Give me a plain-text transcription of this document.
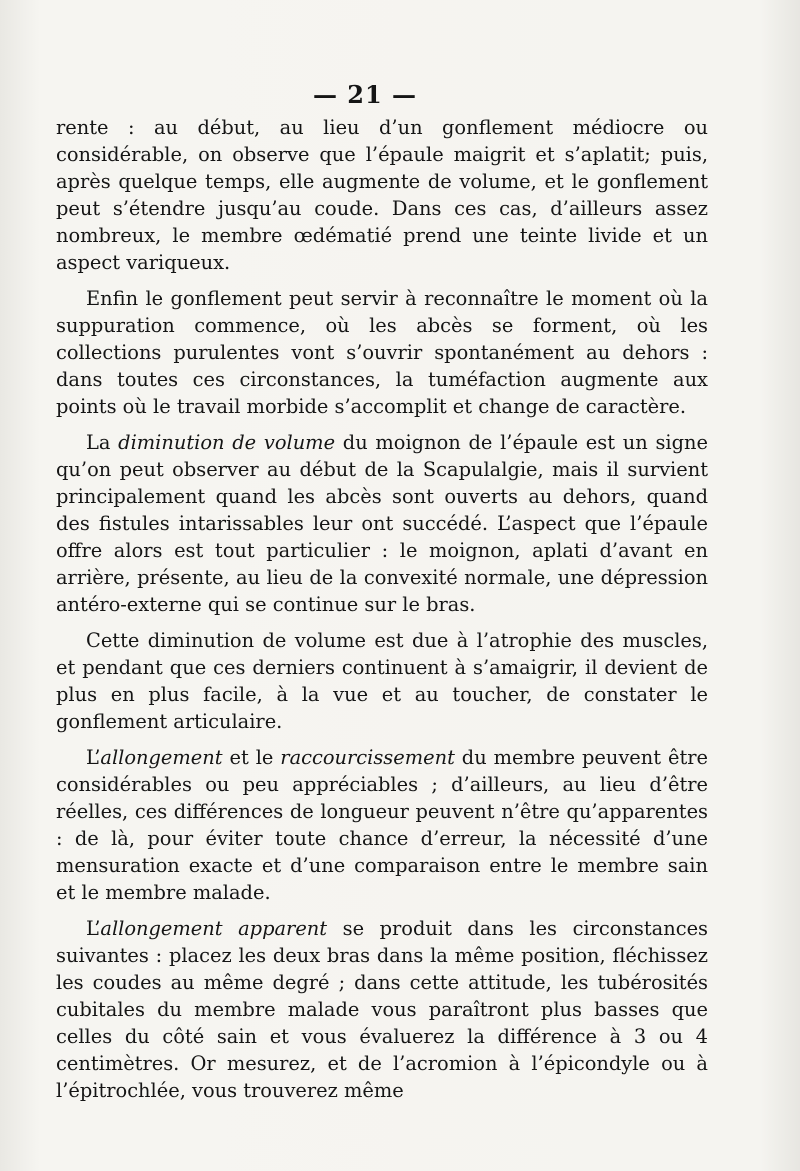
— 21 —

rente : au début, au lieu d’un gonflement médiocre ou considérable, on observe que l’épaule maigrit et s’aplatit; puis, après quelque temps, elle augmente de volume, et le gonflement peut s’étendre jusqu’au coude. Dans ces cas, d’ailleurs assez nombreux, le membre œdématié prend une teinte livide et un aspect variqueux.

Enfin le gonflement peut servir à reconnaître le moment où la suppuration commence, où les abcès se forment, où les collections purulentes vont s’ouvrir spontanément au dehors : dans toutes ces circonstances, la tuméfaction augmente aux points où le travail morbide s’accomplit et change de caractère.

La diminution de volume du moignon de l’épaule est un signe qu’on peut observer au début de la Scapulalgie, mais il survient principalement quand les abcès sont ouverts au dehors, quand des fistules intarissables leur ont succédé. L’aspect que l’épaule offre alors est tout particulier : le moignon, aplati d’avant en arrière, présente, au lieu de la convexité normale, une dépression antéro-externe qui se continue sur le bras.

Cette diminution de volume est due à l’atrophie des muscles, et pendant que ces derniers continuent à s’amaigrir, il devient de plus en plus facile, à la vue et au toucher, de constater le gonflement articulaire.

L’allongement et le raccourcissement du membre peuvent être considérables ou peu appréciables ; d’ailleurs, au lieu d’être réelles, ces différences de longueur peuvent n’être qu’apparentes : de là, pour éviter toute chance d’erreur, la nécessité d’une mensuration exacte et d’une comparaison entre le membre sain et le membre malade.

L’allongement apparent se produit dans les circonstances suivantes : placez les deux bras dans la même position, fléchissez les coudes au même degré ; dans cette attitude, les tubérosités cubitales du membre malade vous paraîtront plus basses que celles du côté sain et vous évaluerez la différence à 3 ou 4 centimètres. Or mesurez, et de l’acromion à l’épicondyle ou à l’épitrochlée, vous trouverez même
